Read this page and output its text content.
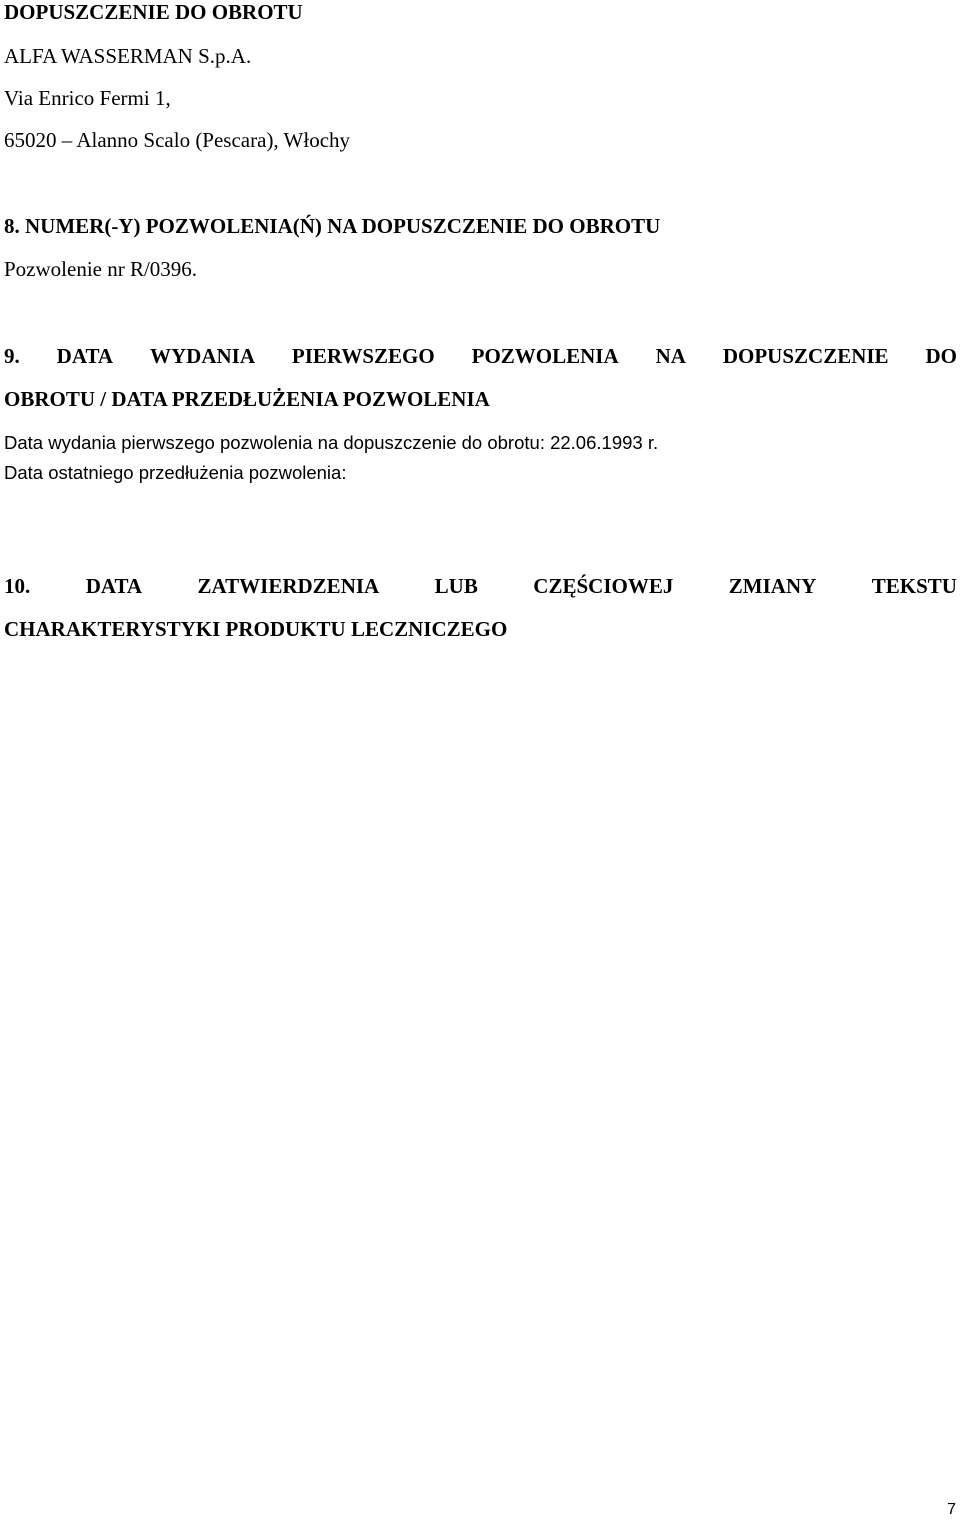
DOPUSZCZENIE DO OBROTU
ALFA WASSERMAN S.p.A.
Via Enrico Fermi 1,
65020 – Alanno Scalo (Pescara), Włochy
8. NUMER(-Y) POZWOLENIA(Ń) NA DOPUSZCZENIE DO OBROTU
Pozwolenie nr R/0396.
9. DATA WYDANIA PIERWSZEGO POZWOLENIA NA DOPUSZCZENIE DO
OBROTU / DATA PRZEDŁUŻENIA POZWOLENIA
Data wydania pierwszego pozwolenia na dopuszczenie do obrotu: 22.06.1993 r.
Data ostatniego przedłużenia pozwolenia:
10.	DATA	ZATWIERDZENIA	LUB	CZĘŚCIOWEJ	ZMIANY	TEKSTU
CHARAKTERYSTYKI PRODUKTU LECZNICZEGO
7
